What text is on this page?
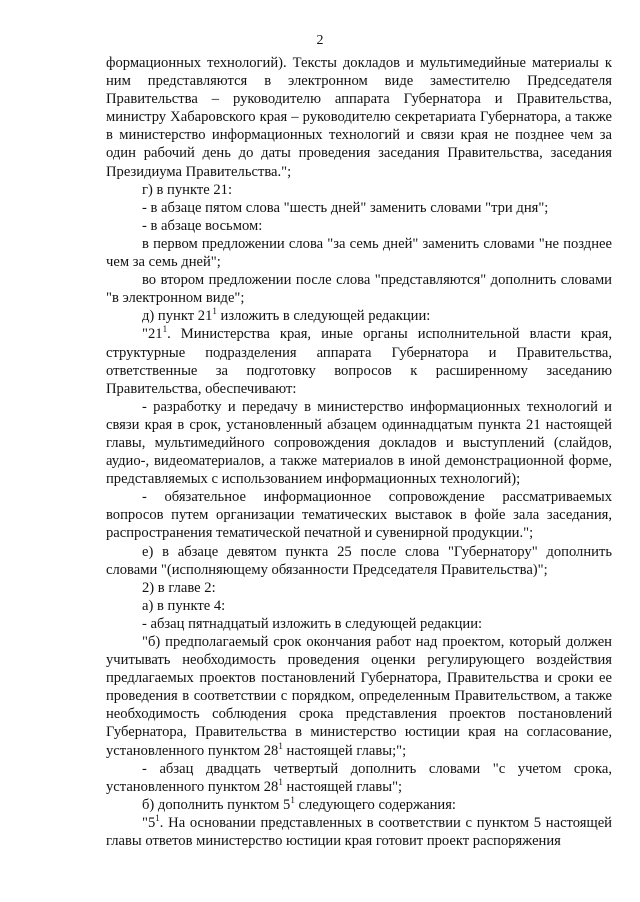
2

формационных технологий). Тексты докладов и мультимедийные материалы к ним представляются в электронном виде заместителю Председателя Правительства – руководителю аппарата Губернатора и Правительства, министру Хабаровского края – руководителю секретариата Губернатора, а также в министерство информационных технологий и связи края не позднее чем за один рабочий день до даты проведения заседания Правительства, заседания Президиума Правительства.";

г) в пункте 21:

- в абзаце пятом слова "шесть дней" заменить словами "три дня";

- в абзаце восьмом:

в первом предложении слова "за семь дней" заменить словами "не позднее чем за семь дней";

во втором предложении после слова "представляются" дополнить словами "в электронном виде";

д) пункт $21^1$ изложить в следующей редакции:

"$21^1$. Министерства края, иные органы исполнительной власти края, структурные подразделения аппарата Губернатора и Правительства, ответственные за подготовку вопросов к расширенному заседанию Правительства, обеспечивают:

- разработку и передачу в министерство информационных технологий и связи края в срок, установленный абзацем одиннадцатым пункта 21 настоящей главы, мультимедийного сопровождения докладов и выступлений (слайдов, аудио-, видеоматериалов, а также материалов в иной демонстрационной форме, представляемых с использованием информационных технологий);

- обязательное информационное сопровождение рассматриваемых вопросов путем организации тематических выставок в фойе зала заседания, распространения тематической печатной и сувенирной продукции.";

е) в абзаце девятом пункта 25 после слова "Губернатору" дополнить словами "(исполняющему обязанности Председателя Правительства)";

2) в главе 2:

а) в пункте 4:

- абзац пятнадцатый изложить в следующей редакции:

"б) предполагаемый срок окончания работ над проектом, который должен учитывать необходимость проведения оценки регулирующего воздействия предлагаемых проектов постановлений Губернатора, Правительства и сроки ее проведения в соответствии с порядком, определенным Правительством, а также необходимость соблюдения срока представления проектов постановлений Губернатора, Правительства в министерство юстиции края на согласование, установленного пунктом $28^1$ настоящей главы;";

- абзац двадцать четвертый дополнить словами "с учетом срока, установленного пунктом $28^1$ настоящей главы";

б) дополнить пунктом $5^1$ следующего содержания:

"$5^1$. На основании представленных в соответствии с пунктом 5 настоящей главы ответов министерство юстиции края готовит проект распоряжения
